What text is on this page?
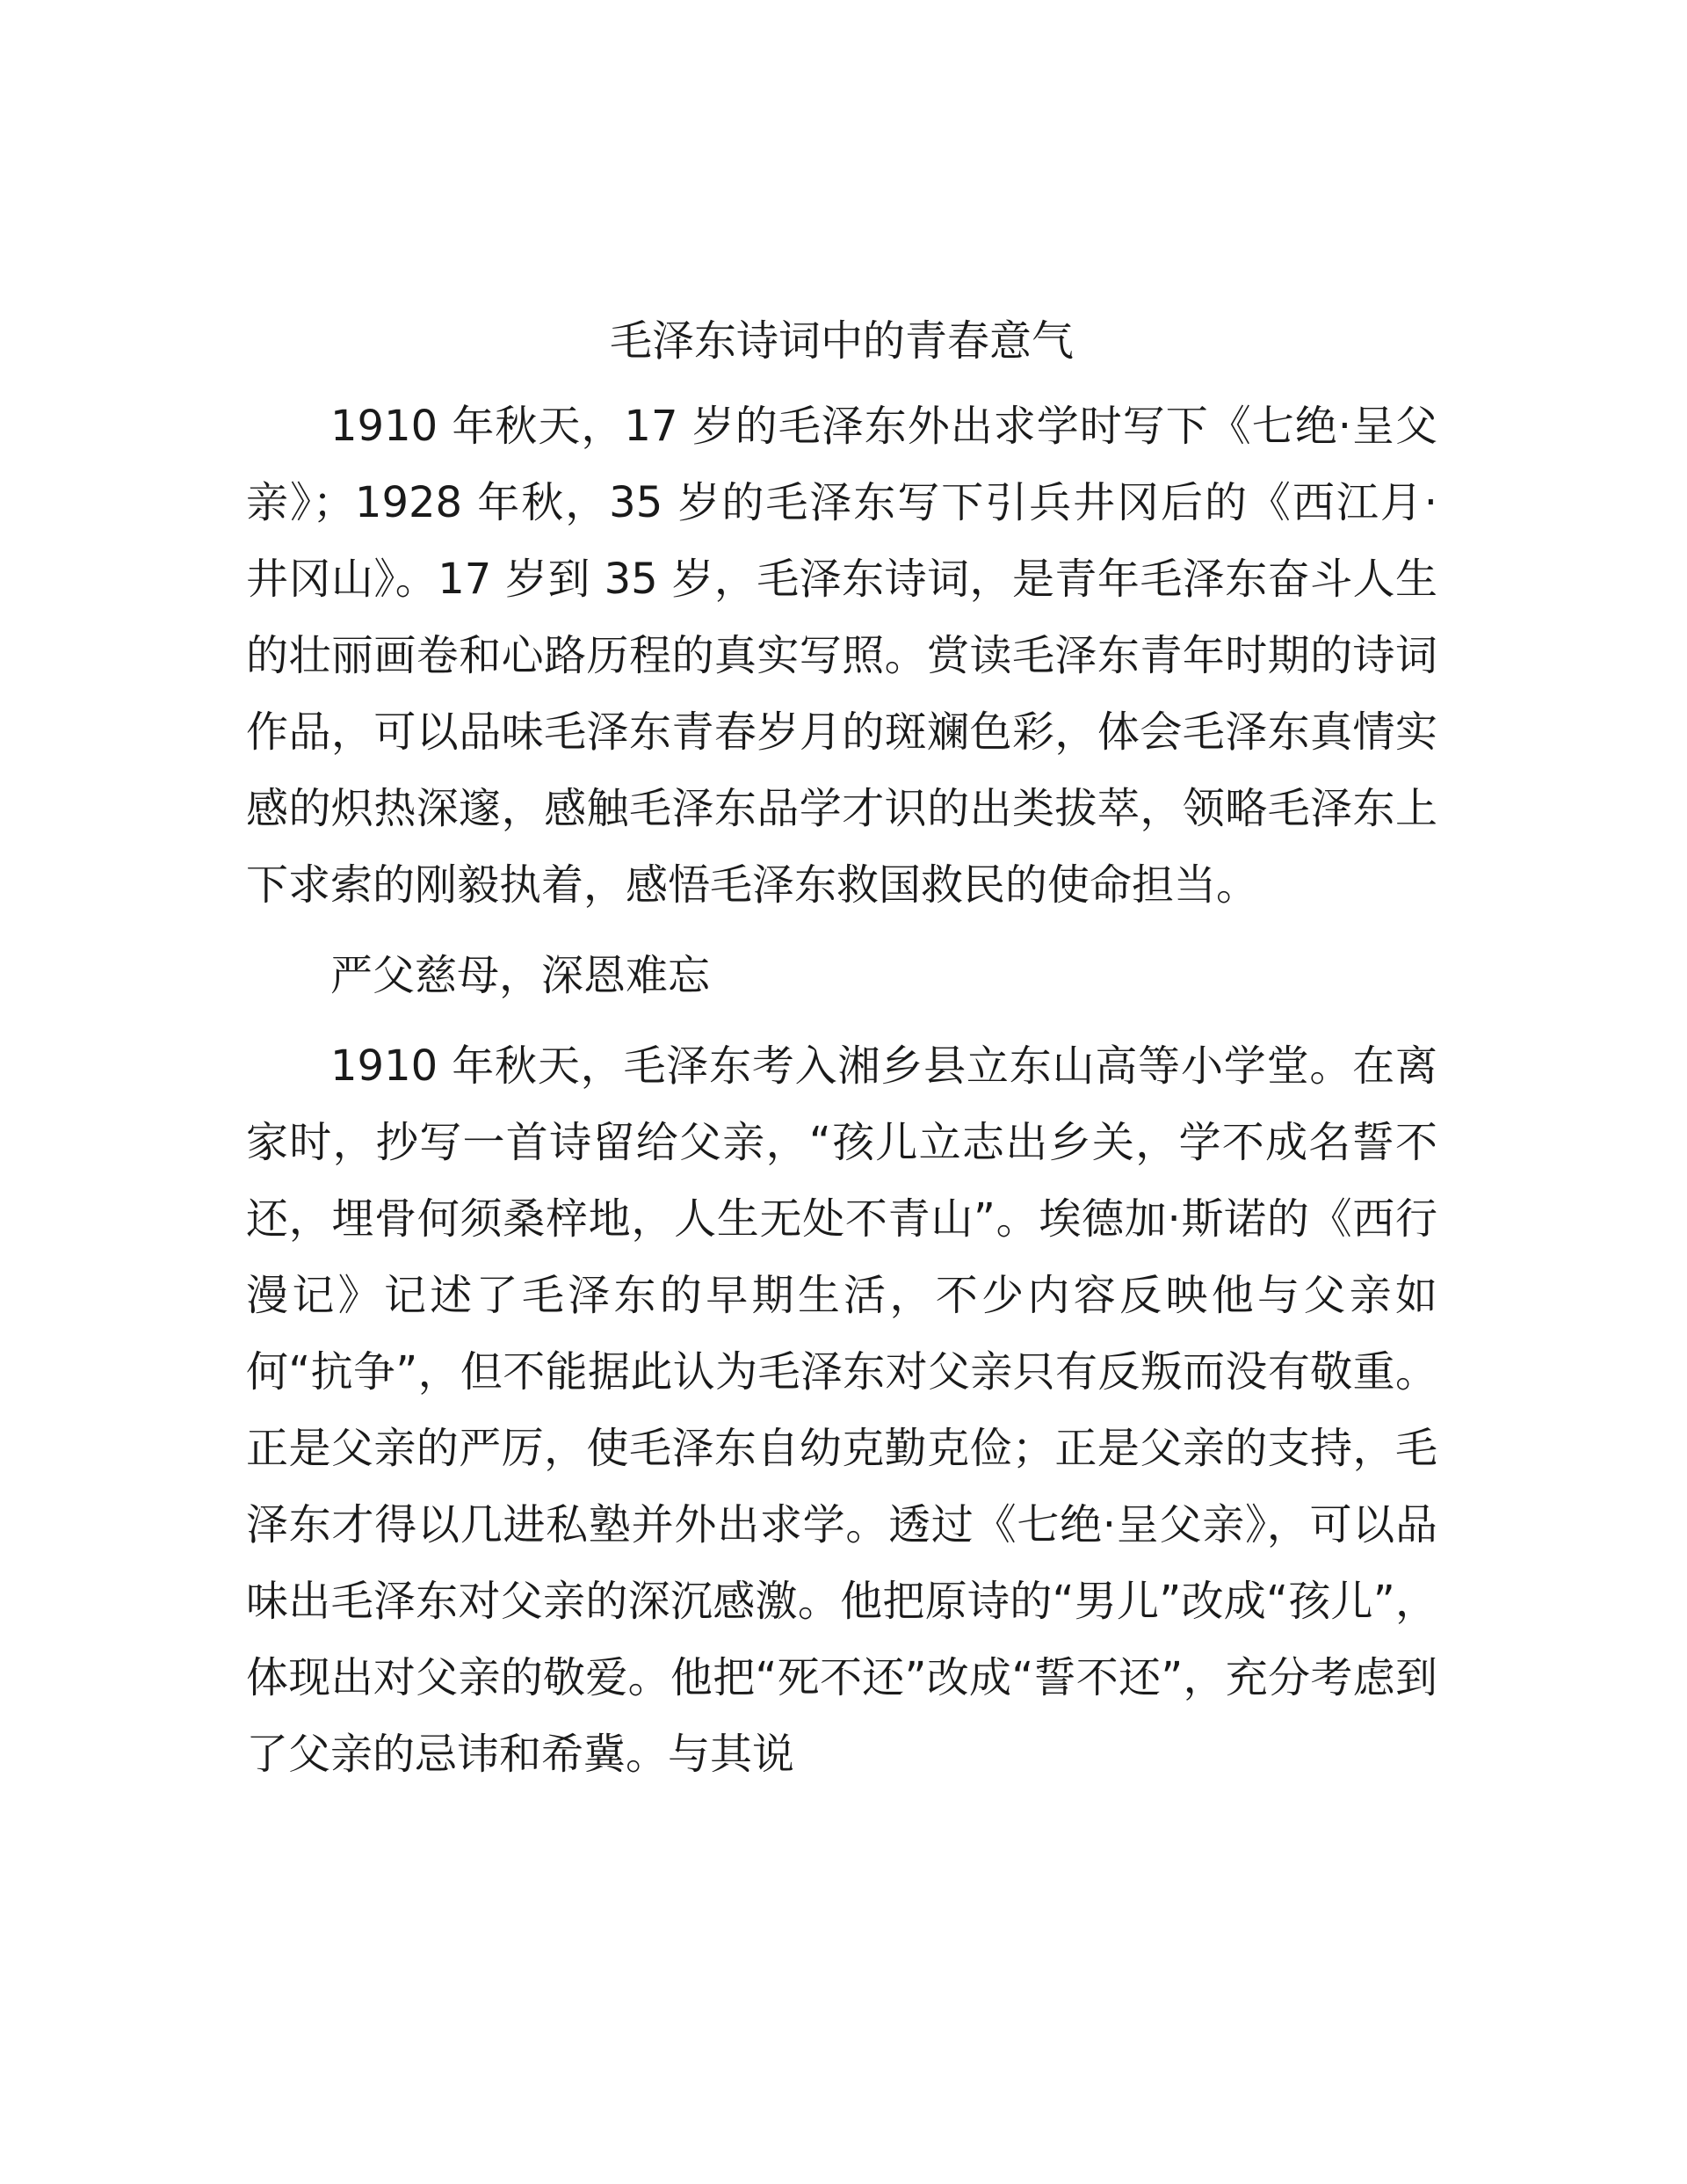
毛泽东诗词中的青春意气

1910 年秋天，17 岁的毛泽东外出求学时写下《七绝·呈父亲》；1928 年秋，35 岁的毛泽东写下引兵井冈后的《西江月·井冈山》。17 岁到 35 岁，毛泽东诗词，是青年毛泽东奋斗人生的壮丽画卷和心路历程的真实写照。赏读毛泽东青年时期的诗词作品，可以品味毛泽东青春岁月的斑斓色彩，体会毛泽东真情实感的炽热深邃，感触毛泽东品学才识的出类拔萃，领略毛泽东上下求索的刚毅执着，感悟毛泽东救国救民的使命担当。

严父慈母，深恩难忘

1910 年秋天，毛泽东考入湘乡县立东山高等小学堂。在离家时，抄写一首诗留给父亲，“孩儿立志出乡关，学不成名誓不还，埋骨何须桑梓地，人生无处不青山”。埃德加·斯诺的《西行漫记》记述了毛泽东的早期生活，不少内容反映他与父亲如何“抗争”，但不能据此认为毛泽东对父亲只有反叛而没有敬重。正是父亲的严厉，使毛泽东自幼克勤克俭；正是父亲的支持，毛泽东才得以几进私塾并外出求学。透过《七绝·呈父亲》，可以品味出毛泽东对父亲的深沉感激。他把原诗的“男儿”改成“孩儿”，体现出对父亲的敬爱。他把“死不还”改成“誓不还”，充分考虑到了父亲的忌讳和希冀。与其说
